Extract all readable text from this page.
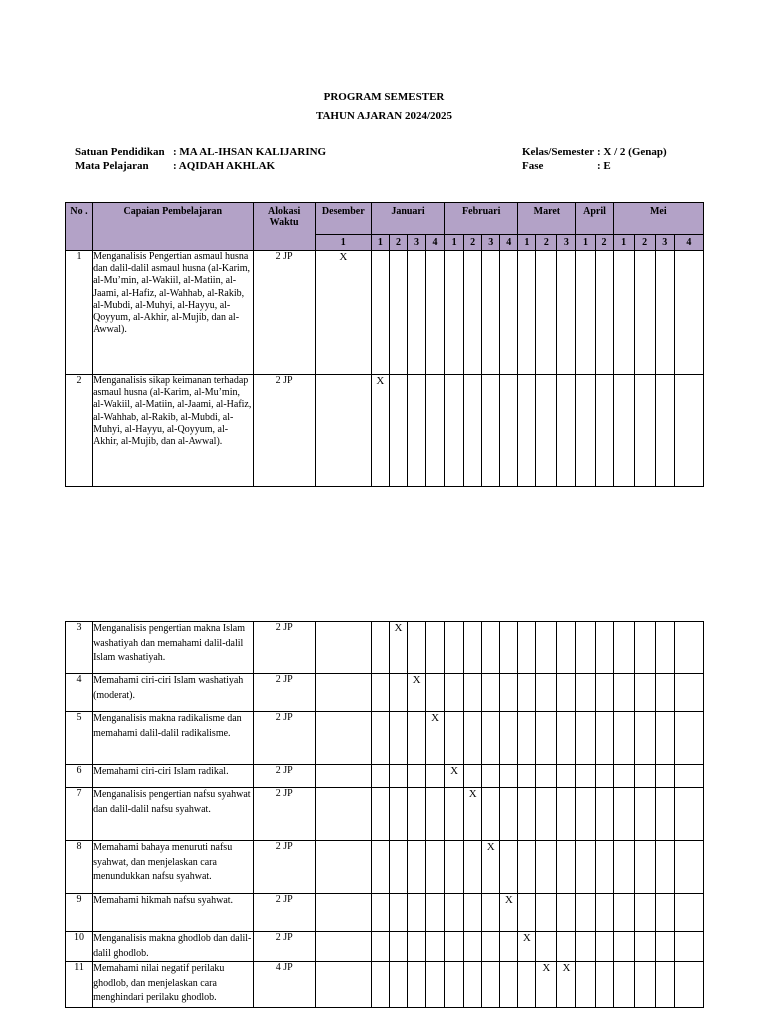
PROGRAM SEMESTER
TAHUN AJARAN 2024/2025
Satuan Pendidikan : MA AL-IHSAN KALIJARING
Mata Pelajaran : AQIDAH AKHLAK
Kelas/Semester : X / 2 (Genap)
Fase	: E
No .	Capaian Pembelajaran	Alokasi Waktu	Desember	Januari				Februari				Maret			April		Mei			
			1	1	2	3	4	1	2	3	4	1	2	3	1	2	1	2	3	4
1	Menganalisis Pengertian asmaul husna dan dalil-dalil asmaul husna (al-Karim, al-Mu’min, al-Wakiil, al-Matiin, al-Jaami, al-Hafiz, al-Wahhab, al-Rakib, al-Mubdi, al-Muhyi, al-Hayyu, al-Qoyyum, al-Akhir, al-Mujib, dan al-Awwal).	2 JP	X																	
2	Menganalisis sikap keimanan terhadap asmaul husna (al-Karim, al-Mu’min, al-Wakiil, al-Matiin, al-Jaami, al-Hafiz, al-Wahhab, al-Rakib, al-Mubdi, al-Muhyi, al-Hayyu, al-Qoyyum, al-Akhir, al-Mujib, dan al-Awwal).	2 JP		X																
3	Menganalisis pengertian makna Islam washatiyah dan memahami dalil-dalil Islam washatiyah.	2 JP			X															
4	Memahami ciri-ciri Islam washatiyah (moderat).	2 JP				X														
5	Menganalisis makna radikalisme dan memahami dalil-dalil radikalisme.	2 JP					X													
6	Memahami ciri-ciri Islam radikal.	2 JP						X												
7	Menganalisis pengertian nafsu syahwat dan dalil-dalil nafsu syahwat.	2 JP							X											
8	Memahami bahaya menuruti nafsu syahwat, dan menjelaskan cara menundukkan nafsu syahwat.	2 JP								X										
9	Memahami hikmah nafsu syahwat.	2 JP									X									
10	Menganalisis makna ghodlob dan dalil-dalil ghodlob.	2 JP										X								
11	Memahami nilai negatif perilaku ghodlob, dan menjelaskan cara menghindari perilaku ghodlob.	4 JP											X	X						
